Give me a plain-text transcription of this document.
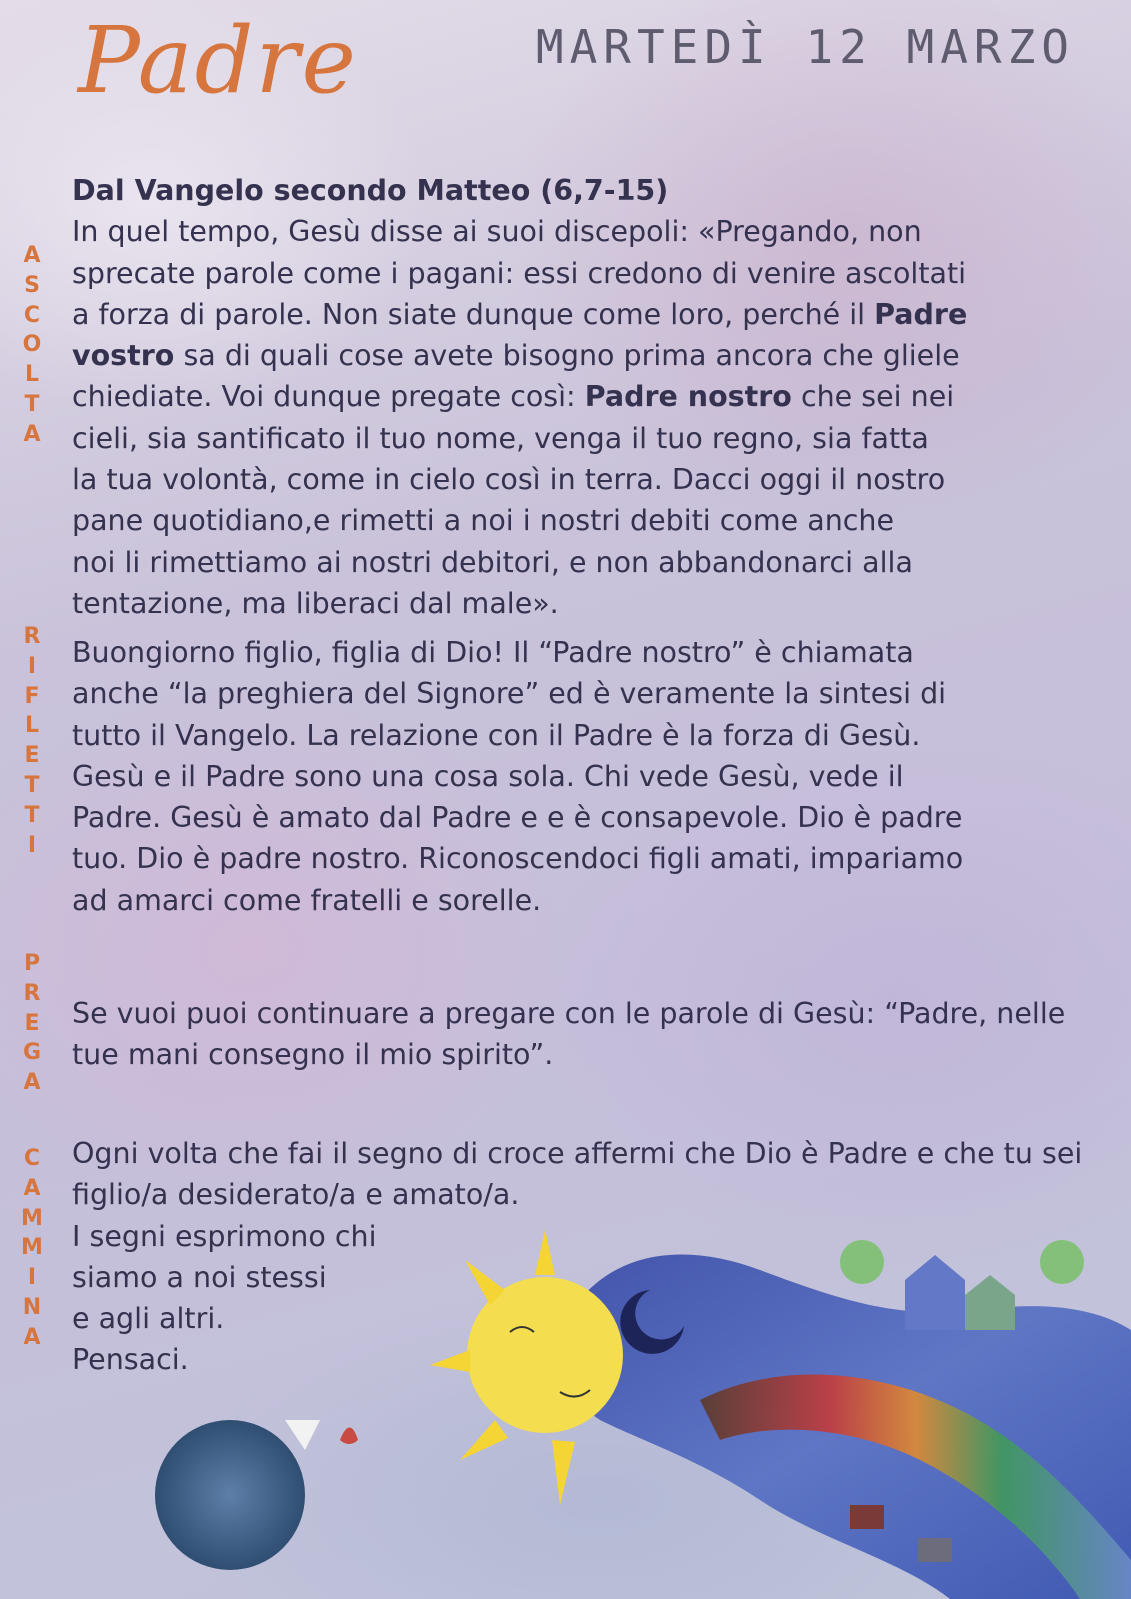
Padre	MARTEDÌ 12 MARZO
A
S
C
O
L
T
A
R
I
F
L
E
T
T
I
P
R
E
G
A
C
A
M
M
I
N
A

Dal Vangelo secondo Matteo (6,7-15)

In quel tempo, Gesù disse ai suoi discepoli: «Pregando, non

sprecate parole come i pagani: essi credono di venire ascoltati

a forza di parole. Non siate dunque come loro, perché il Padre

vostro sa di quali cose avete bisogno prima ancora che gliele

chiediate. Voi dunque pregate così: Padre nostro che sei nei

cieli, sia santificato il tuo nome, venga il tuo regno, sia fatta

la tua volontà, come in cielo così in terra. Dacci oggi il nostro

pane quotidiano,e rimetti a noi i nostri debiti come anche

noi li rimettiamo ai nostri debitori, e non abbandonarci alla

tentazione, ma liberaci dal male».

Buongiorno figlio, figlia di Dio! Il “Padre nostro” è chiamata

anche “la preghiera del Signore” ed è veramente la sintesi di

tutto il Vangelo. La relazione con il Padre è la forza di Gesù.

Gesù e il Padre sono una cosa sola. Chi vede Gesù, vede il

Padre. Gesù è amato dal Padre e e è consapevole. Dio è padre

tuo. Dio è padre nostro. Riconoscendoci figli amati, impariamo

ad amarci come fratelli e sorelle.

Se vuoi puoi continuare a pregare con le parole di Gesù: “Padre, nelle

tue mani consegno il mio spirito”.

Ogni volta che fai il segno di croce affermi che Dio è Padre e che tu sei

figlio/a desiderato/a e amato/a.

I segni esprimono chi

siamo a noi stessi

e agli altri.

Pensaci.
